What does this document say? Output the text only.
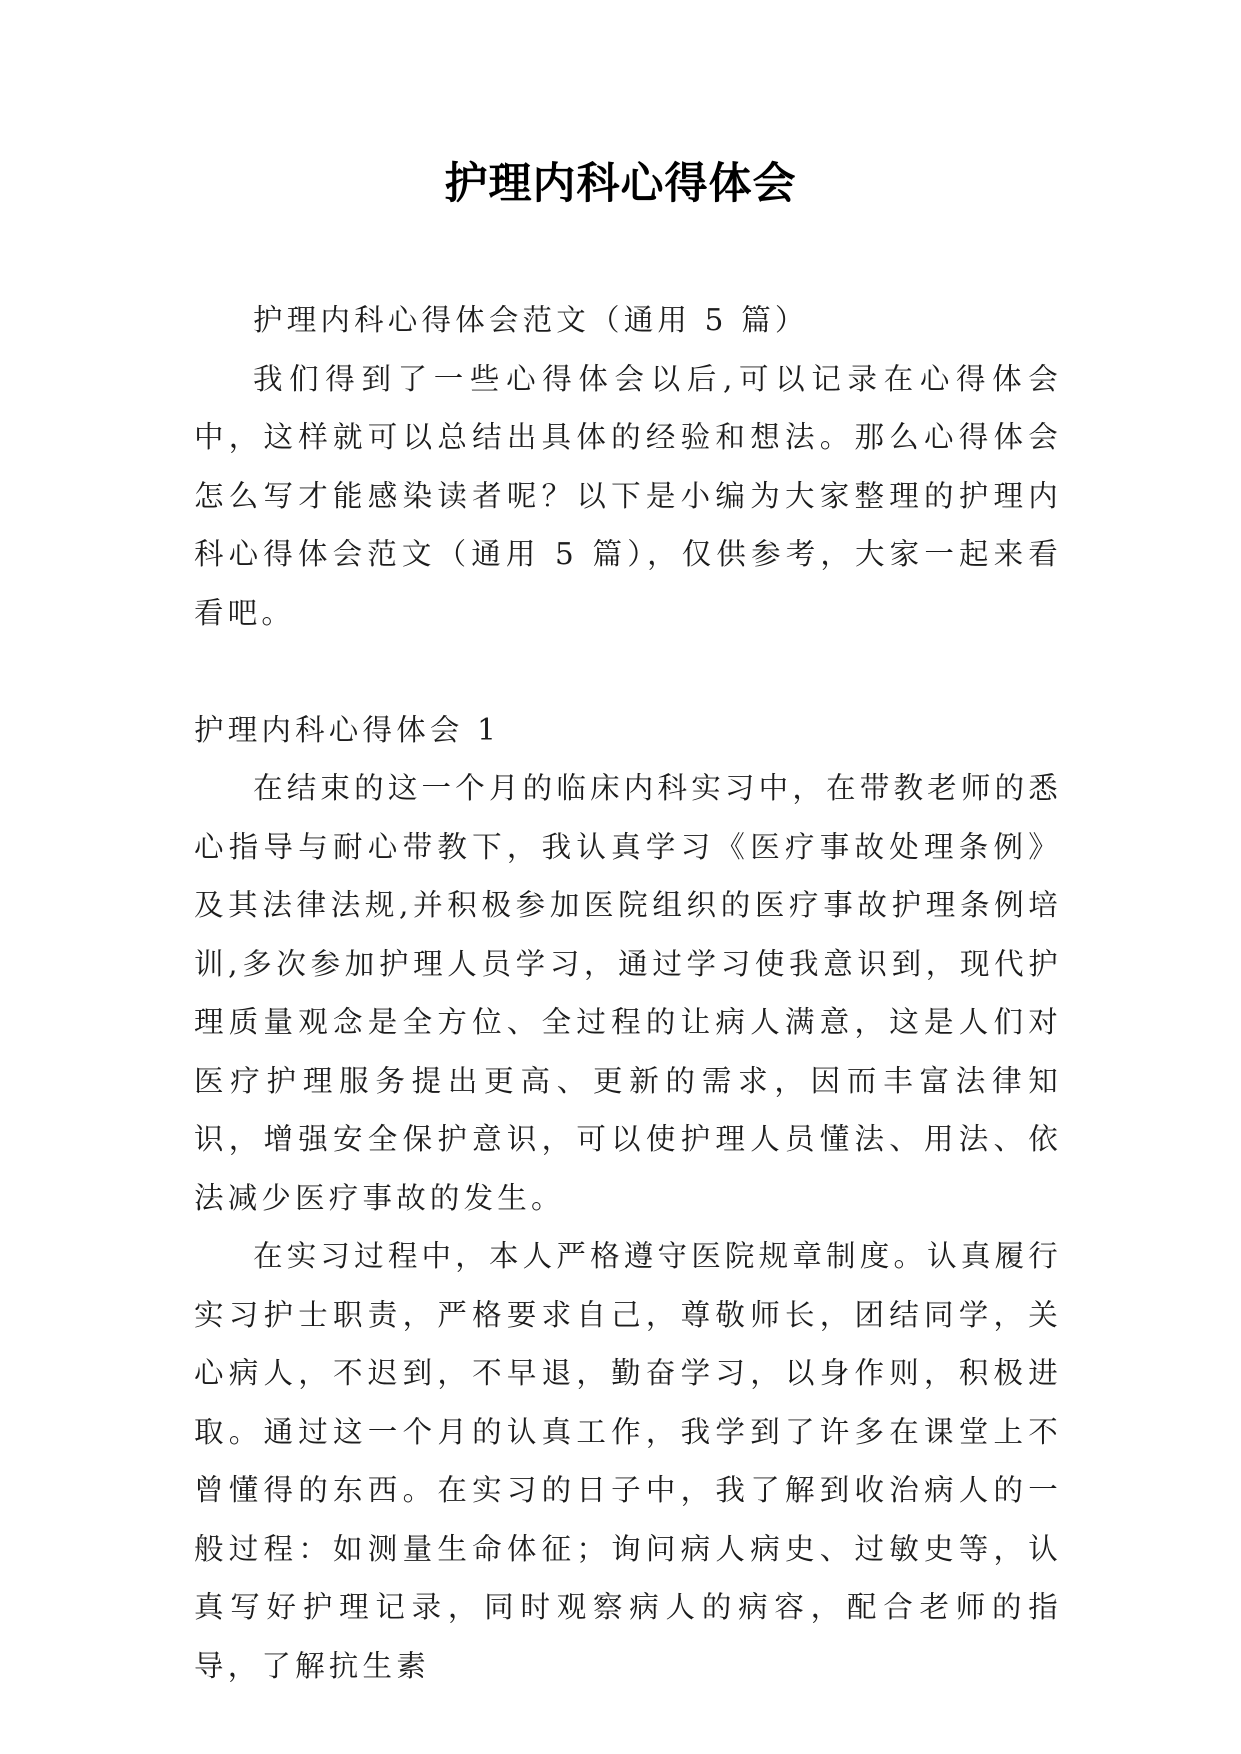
护理内科心得体会

护理内科心得体会范文（通用 5 篇）

我们得到了一些心得体会以后,可以记录在心得体会中，这样就可以总结出具体的经验和想法。那么心得体会怎么写才能感染读者呢？以下是小编为大家整理的护理内科心得体会范文（通用 5 篇），仅供参考，大家一起来看看吧。

护理内科心得体会 1

在结束的这一个月的临床内科实习中，在带教老师的悉心指导与耐心带教下，我认真学习《医疗事故处理条例》及其法律法规,并积极参加医院组织的医疗事故护理条例培训,多次参加护理人员学习，通过学习使我意识到，现代护理质量观念是全方位、全过程的让病人满意，这是人们对医疗护理服务提出更高、更新的需求，因而丰富法律知识，增强安全保护意识，可以使护理人员懂法、用法、依法减少医疗事故的发生。

在实习过程中，本人严格遵守医院规章制度。认真履行实习护士职责，严格要求自己，尊敬师长，团结同学，关心病人，不迟到，不早退，勤奋学习，以身作则，积极进取。通过这一个月的认真工作，我学到了许多在课堂上不曾懂得的东西。在实习的日子中，我了解到收治病人的一般过程：如测量生命体征；询问病人病史、过敏史等，认真写好护理记录，同时观察病人的病容，配合老师的指导，了解抗生素
